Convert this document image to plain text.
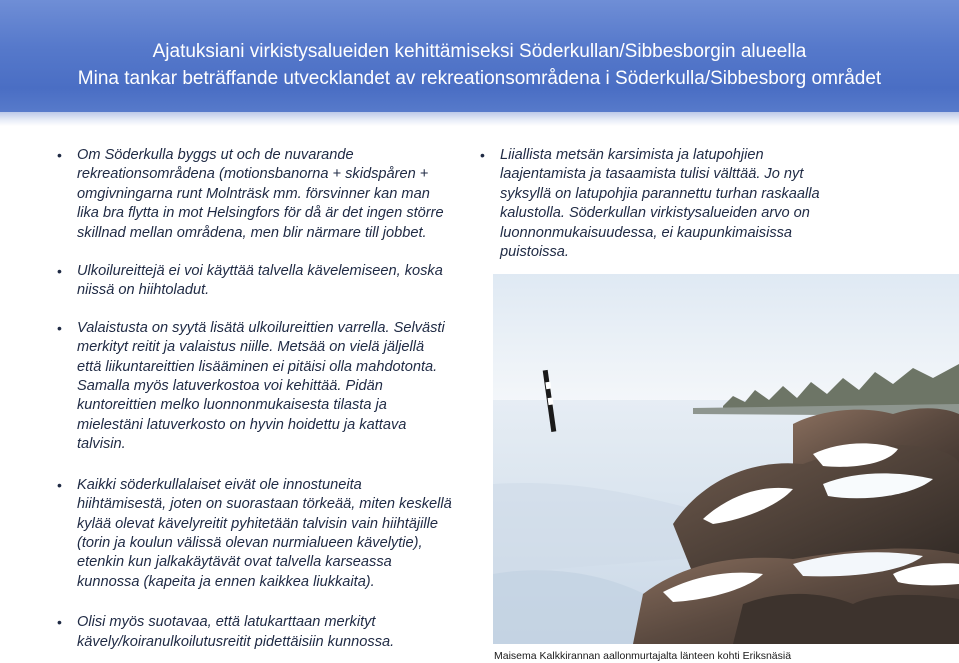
Ajatuksiani virkistysalueiden kehittämiseksi Söderkullan/Sibbesborgin alueella
Mina tankar beträffande utvecklandet av rekreationsområdena i Söderkulla/Sibbesborg området
• Om Söderkulla byggs ut och de nuvarande rekreationsområdena (motionsbanorna + skidspåren + omgivningarna runt Molnträsk mm. försvinner kan man lika bra flytta in mot Helsingfors för då är det ingen större skillnad mellan områdena, men blir närmare till jobbet.
• Ulkoilureittejä ei voi käyttää talvella kävelemiseen, koska niissä on hiihtoladut.
• Valaistusta on syytä lisätä ulkoilureittien varrella. Selvästi merkityt reitit ja valaistus niille. Metsää on vielä jäljellä että liikuntareittien lisääminen ei pitäisi olla mahdotonta. Samalla myös latuverkostoa voi kehittää. Pidän kuntoreittien melko luonnonmukaisesta tilasta ja mielestäni latuverkosto on hyvin hoidettu ja kattava talvisin.
• Kaikki söderkullalaiset eivät ole innostuneita hiihtämisestä, joten on suorastaan törkeää, miten keskellä kylää olevat kävelyreitit pyhitetään talvisin vain hiihtäjille (torin ja koulun välissä olevan nurmialueen kävelytie), etenkin kun jalkakäytävät ovat talvella karseassa kunnossa (kapeita ja ennen kaikkea liukkaita).
• Olisi myös suotavaa, että latukarttaan merkityt kävely/koiranulkoilutusreitit pidettäisiin kunnossa.
• Liiallista metsän karsimista ja latupohjien laajentamista ja tasaamista tulisi välttää. Jo nyt syksyllä on latupohjia parannettu turhan raskaalla kalustolla. Söderkullan virkistysalueiden arvo on luonnonmukaisuudessa, ei kaupunkimaisissa puistoissa.
Maisema Kalkkirannan aallonmurtajalta länteen kohti Eriksnäsiä
